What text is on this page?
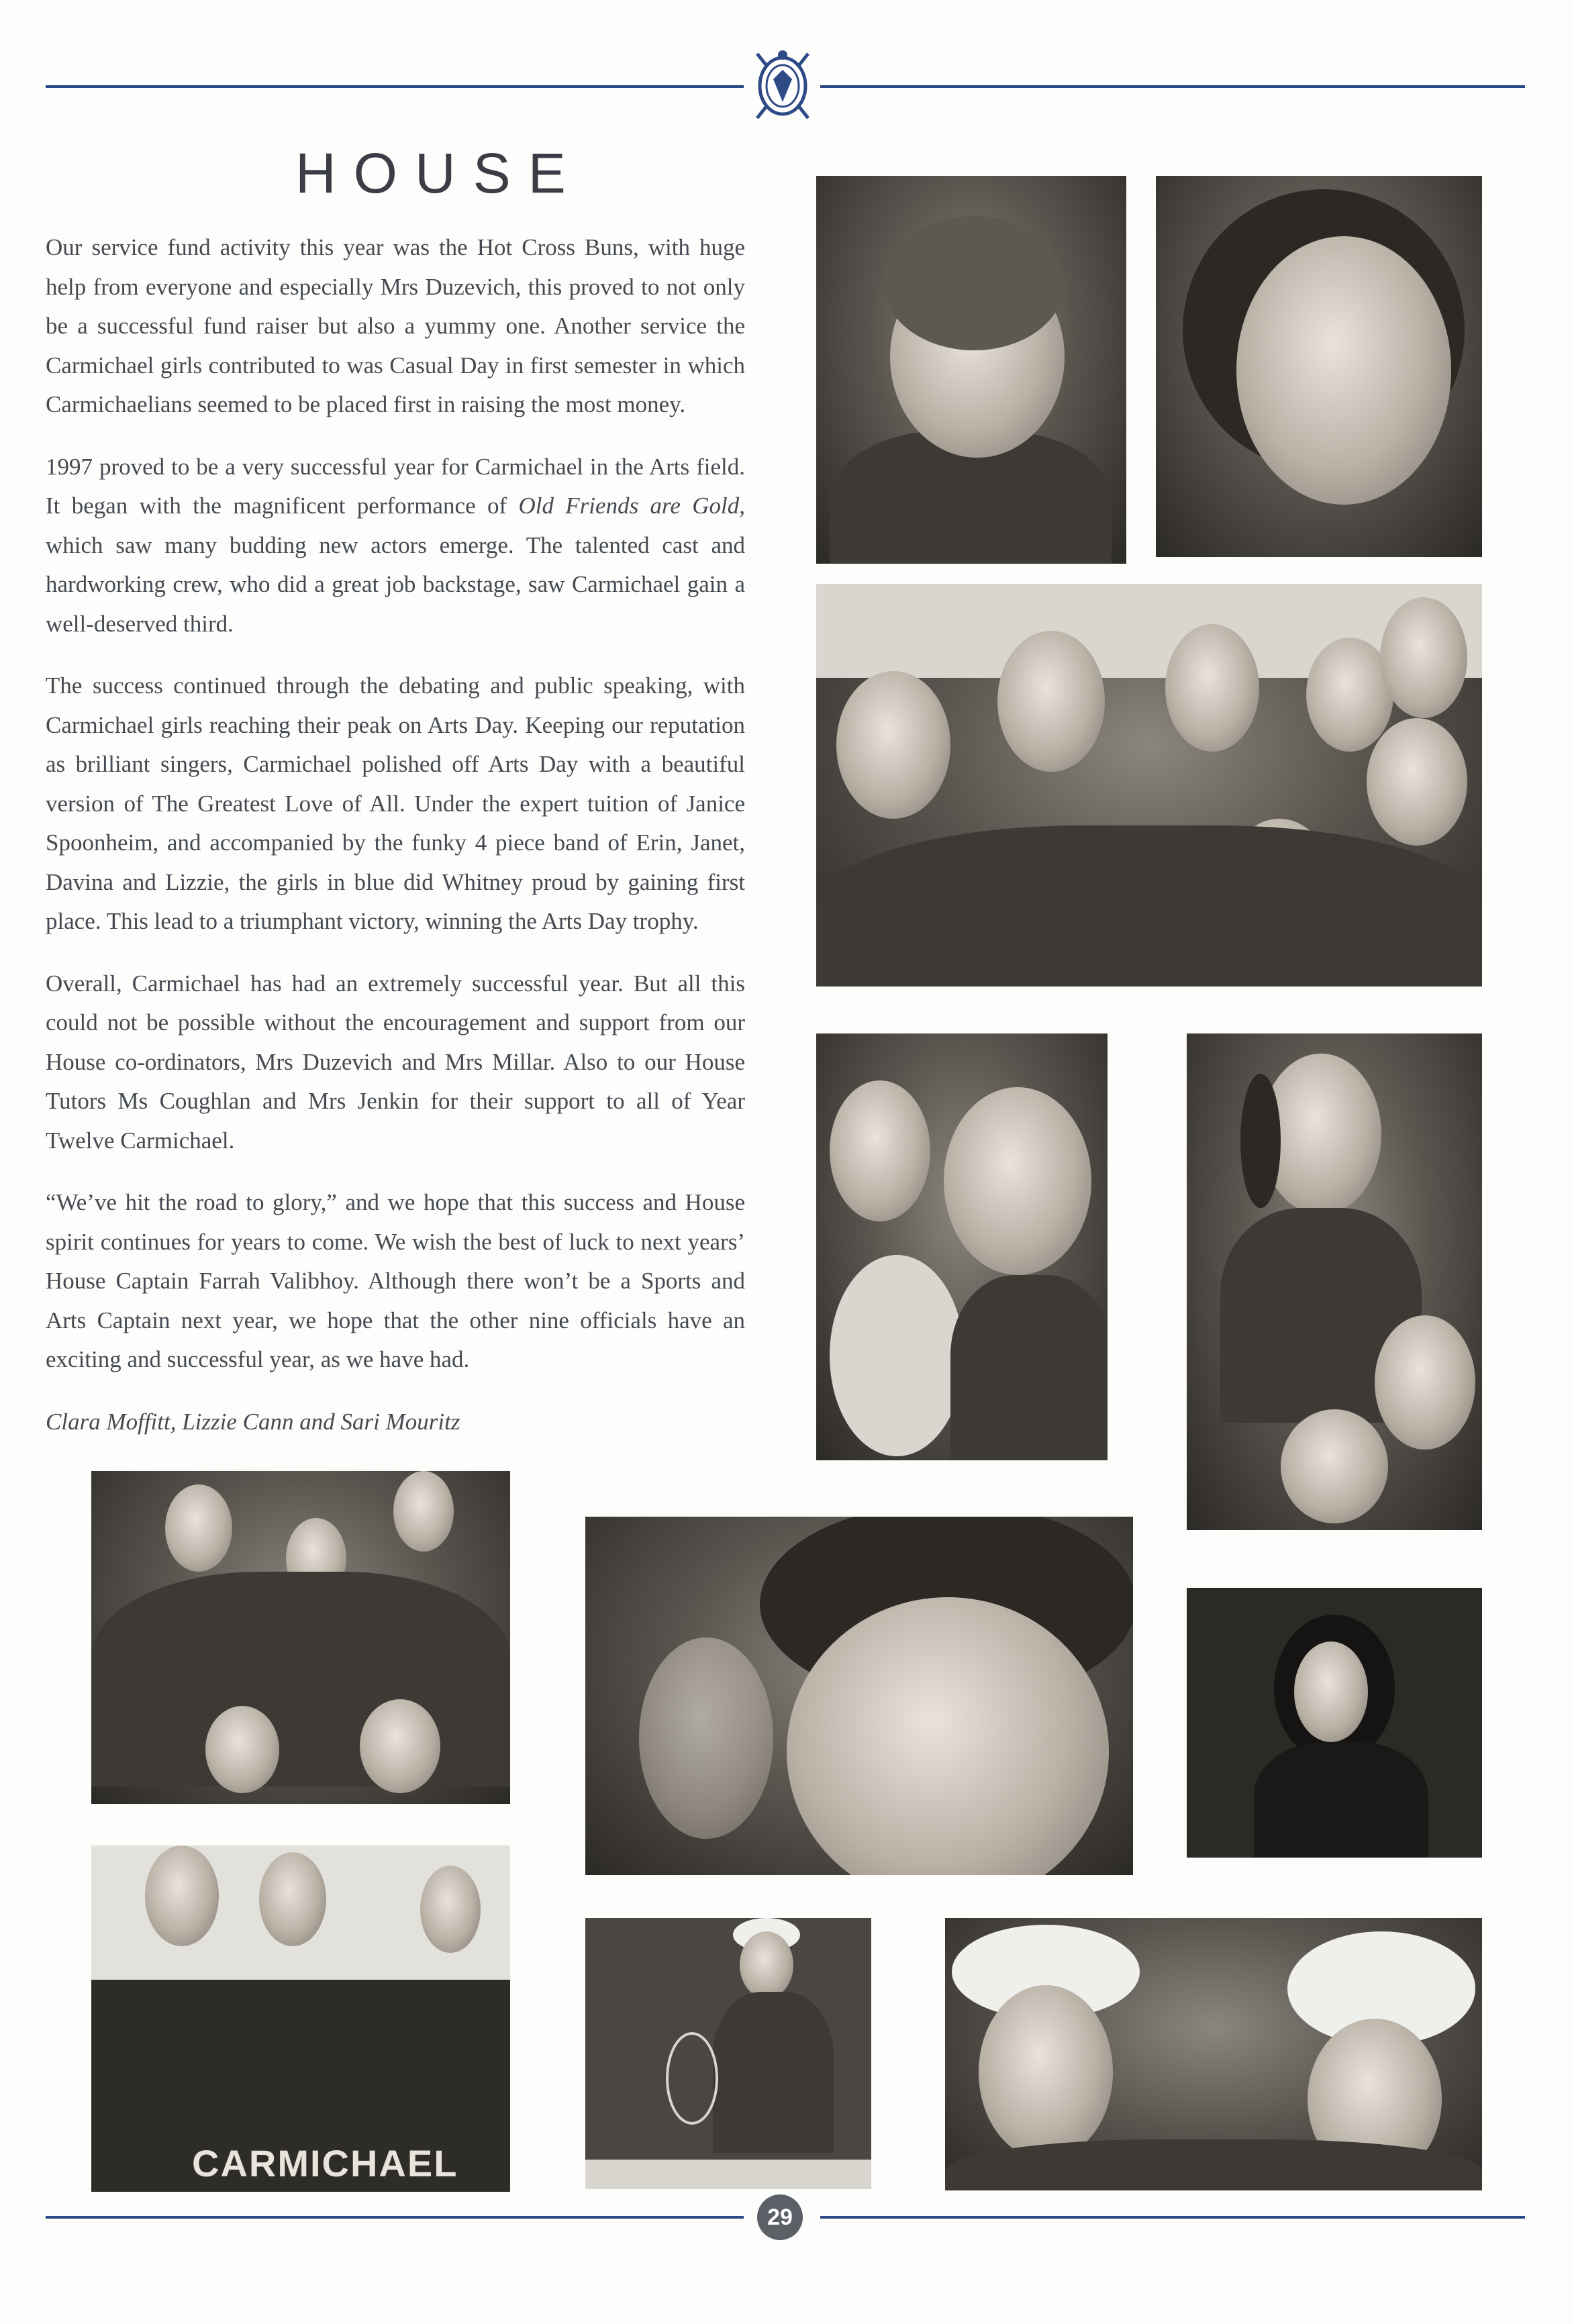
HOUSE

Our service fund activity this year was the Hot Cross Buns, with huge help from everyone and especially Mrs Duzevich, this proved to not only be a successful fund raiser but also a yummy one. Another service the Carmichael girls contributed to was Casual Day in first semester in which Carmichaelians seemed to be placed first in raising the most money.

1997 proved to be a very successful year for Carmichael in the Arts field. It began with the magnificent performance of Old Friends are Gold, which saw many budding new actors emerge. The talented cast and hardworking crew, who did a great job backstage, saw Carmichael gain a well-deserved third.

The success continued through the debating and public speaking, with Carmichael girls reaching their peak on Arts Day. Keeping our reputation as brilliant singers, Carmichael polished off Arts Day with a beautiful version of The Greatest Love of All. Under the expert tuition of Janice Spoonheim, and accompanied by the funky 4 piece band of Erin, Janet, Davina and Lizzie, the girls in blue did Whitney proud by gaining first place. This lead to a triumphant victory, winning the Arts Day trophy.

Overall, Carmichael has had an extremely successful year. But all this could not be possible without the encouragement and support from our House co-ordinators, Mrs Duzevich and Mrs Millar. Also to our House Tutors Ms Coughlan and Mrs Jenkin for their support to all of Year Twelve Carmichael.

“We’ve hit the road to glory,” and we hope that this success and House spirit continues for years to come. We wish the best of luck to next years’ House Captain Farrah Valibhoy. Although there won’t be a Sports and Arts Captain next year, we hope that the other nine officials have an exciting and successful year, as we have had.

Clara Moffitt, Lizzie Cann and Sari Mouritz

CARMICHAEL
29
